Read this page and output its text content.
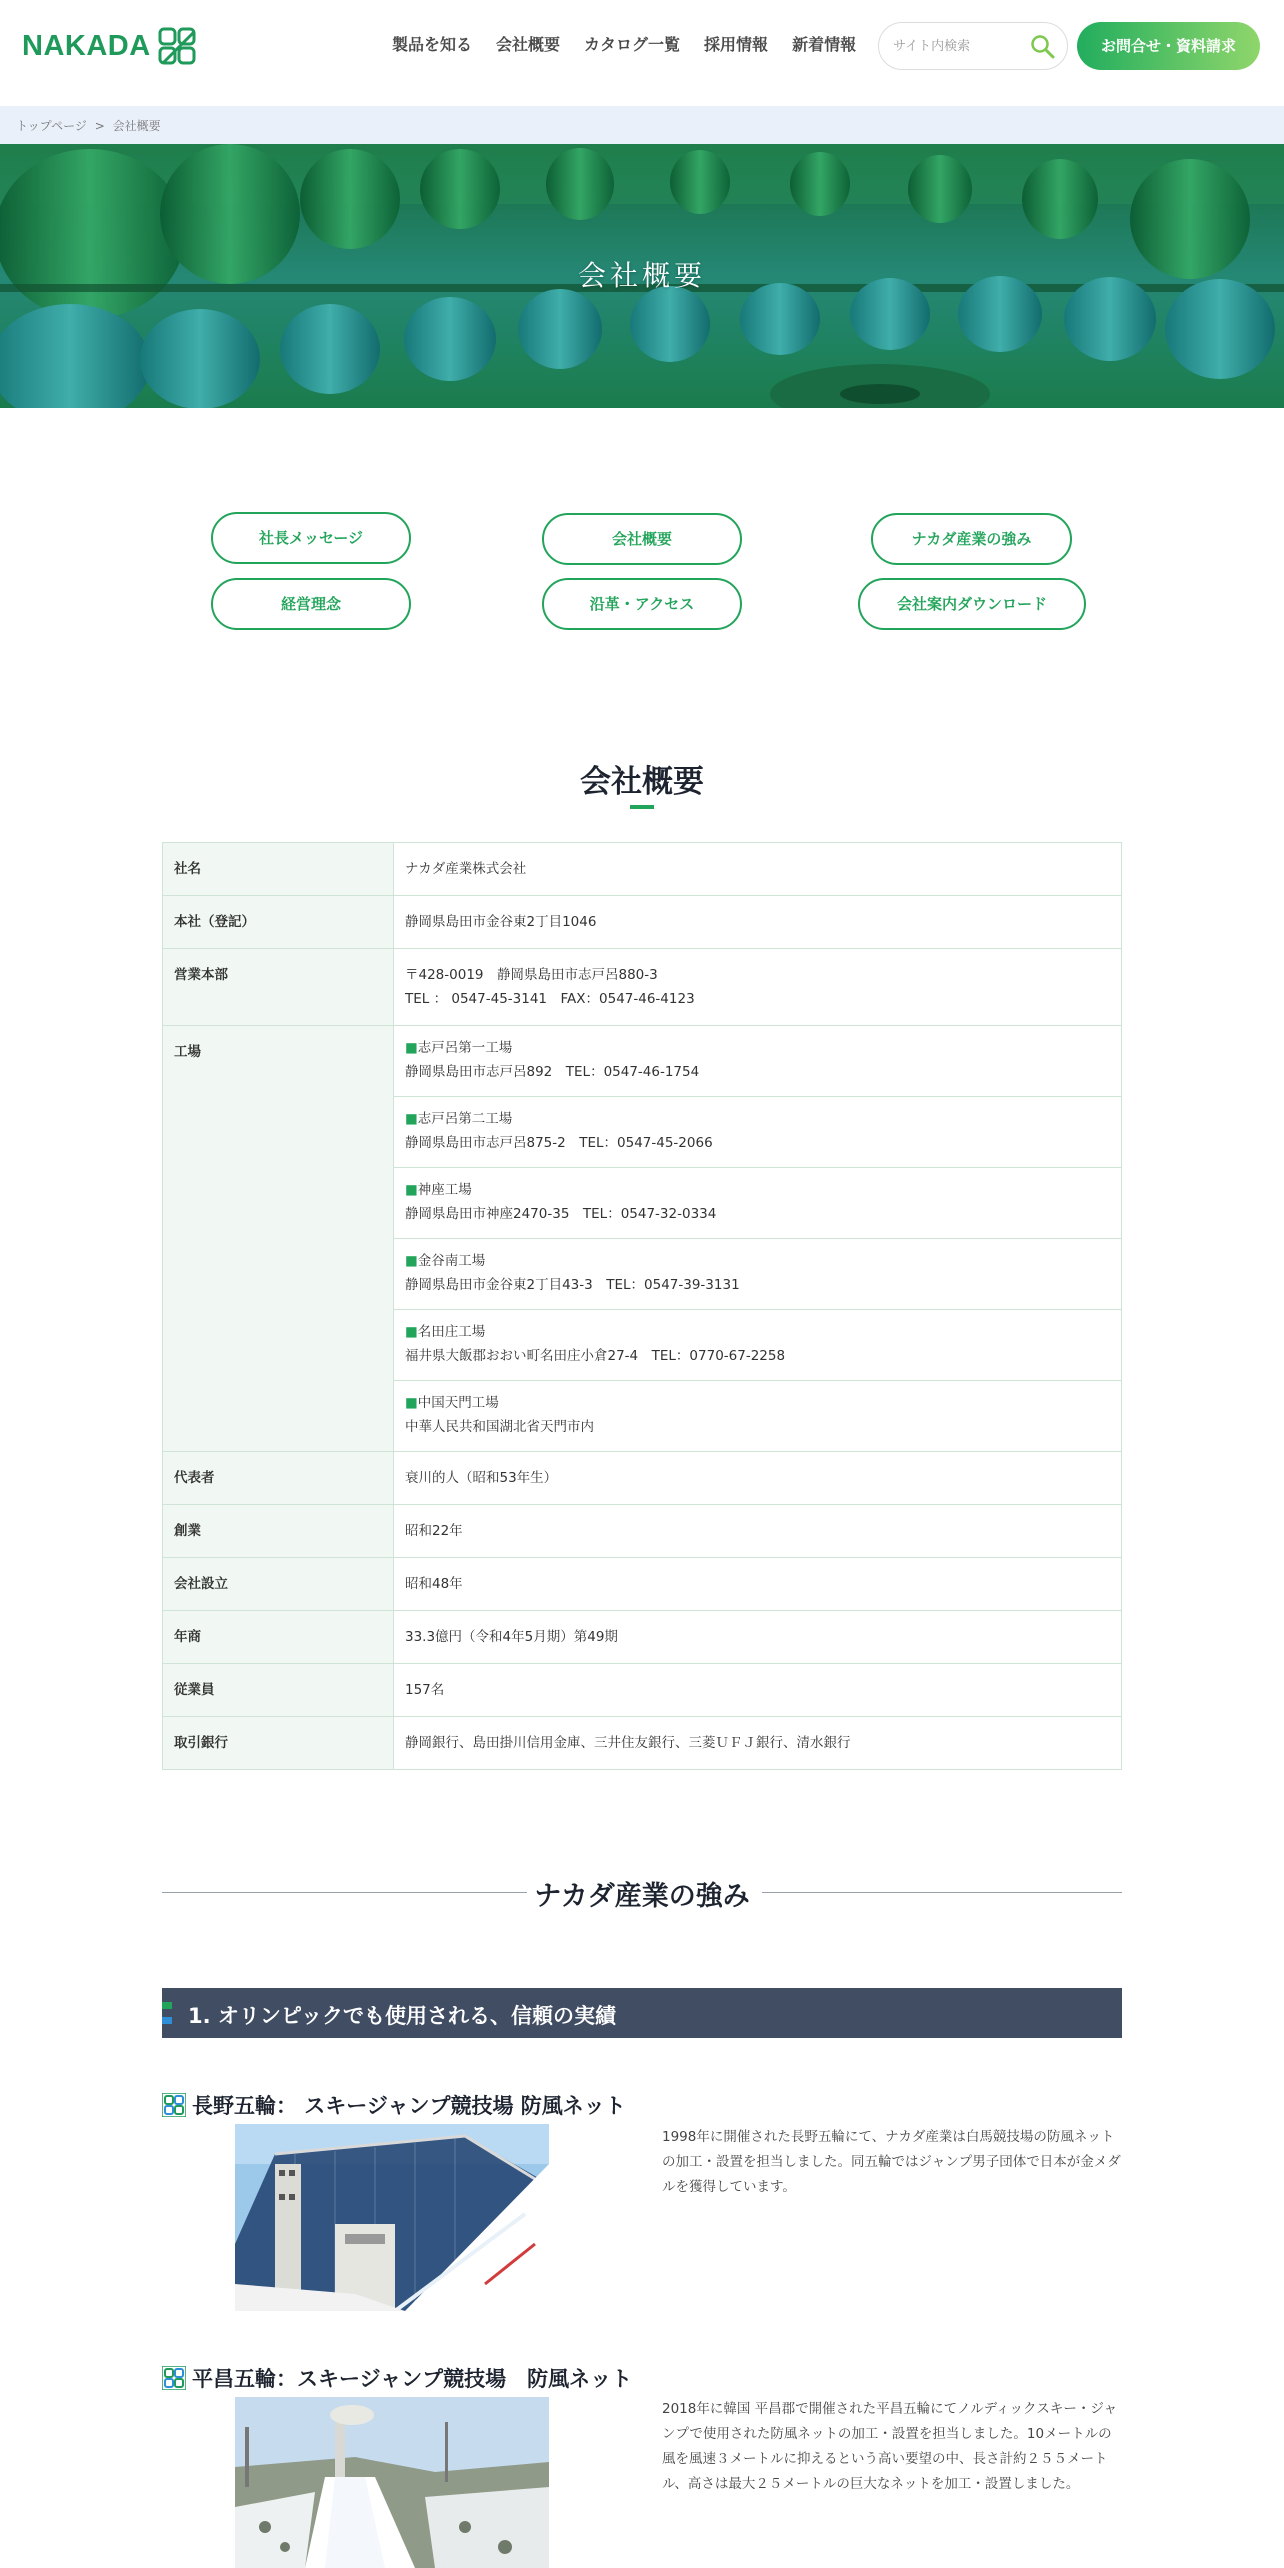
NAKADA	製品を知る 会社概要 カタログ一覧 採用情報 新着情報
サイト内検索	お問合せ・資料請求
トップページ > 会社概要
会社概要
社長メッセージ	会社概要	ナカダ産業の強み
経営理念	沿革・アクセス	会社案内ダウンロード
会社概要
社名	ナカダ産業株式会社
本社（登記）	静岡県島田市金谷東2丁目1046
営業本部	〒428-0019　静岡県島田市志戸呂880-3
TEL ： 0547-45-3141　FAX：0547-46-4123

工場	■志戸呂第一工場
静岡県島田市志戸呂892　TEL：0547-46-1754

	■志戸呂第二工場
静岡県島田市志戸呂875-2　TEL：0547-45-2066

	■神座工場
静岡県島田市神座2470-35　TEL：0547-32-0334

	■金谷南工場
静岡県島田市金谷東2丁目43-3　TEL：0547-39-3131

	■名田庄工場
福井県大飯郡おおい町名田庄小倉27-4　TEL：0770-67-2258

	■中国天門工場
中華人民共和国湖北省天門市内

代表者	衰川的人（昭和53年生）
創業	昭和22年
会社設立	昭和48年
年商	33.3億円（令和4年5月期）第49期
従業員	157名
取引銀行	静岡銀行、島田掛川信用金庫、三井住友銀行、三菱ＵＦＪ銀行、清水銀行
ナカダ産業の強み
1. オリンピックでも使用される、信頼の実績
長野五輪： スキージャンプ競技場 防風ネット
1998年に開催された長野五輪にて、ナカダ産業は白馬競技場の防風ネットの加工・設置を担当しました。同五輪ではジャンプ男子団体で日本が金メダルを獲得しています。
平昌五輪：スキージャンプ競技場　防風ネット
2018年に韓国 平昌郡で開催された平昌五輪にてノルディックスキー・ジャンプで使用された防風ネットの加工・設置を担当しました。10メートルの風を風速３メートルに抑えるという高い要望の中、長さ計約２５５メートル、高さは最大２５メートルの巨大なネットを加工・設置しました。
